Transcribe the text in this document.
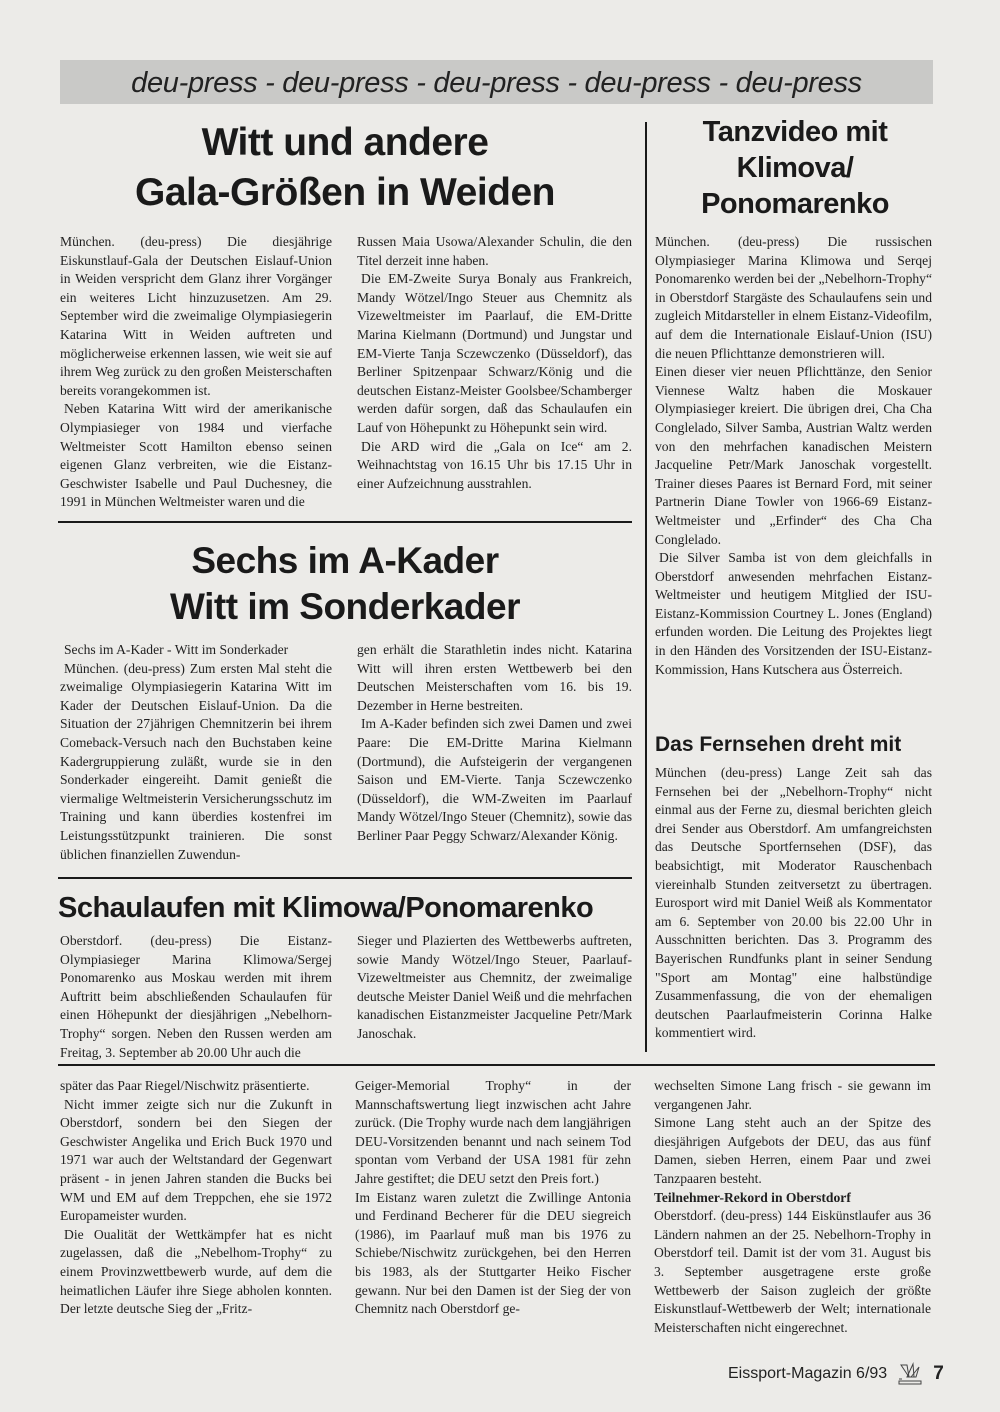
deu-press - deu-press - deu-press - deu-press - deu-press
Witt und andere
Gala-Größen in Weiden

München. (deu-press) Die diesjährige Eiskunstlauf-Gala der Deutschen Eislauf-Union in Weiden verspricht dem Glanz ihrer Vorgänger ein weiteres Licht hinzuzusetzen. Am 29. September wird die zweimalige Olympiasiegerin Katarina Witt in Weiden auftreten und möglicherweise erkennen lassen, wie weit sie auf ihrem Weg zurück zu den großen Meisterschaften bereits vorangekommen ist.

Neben Katarina Witt wird der amerikanische Olympiasieger von 1984 und vierfache Weltmeister Scott Hamilton ebenso seinen eigenen Glanz verbreiten, wie die Eistanz-Geschwister Isabelle und Paul Duchesney, die 1991 in München Weltmeister waren und die

Russen Maia Usowa/Alexander Schulin, die den Titel derzeit inne haben.

Die EM-Zweite Surya Bonaly aus Frankreich, Mandy Wötzel/Ingo Steuer aus Chemnitz als Vizeweltmeister im Paarlauf, die EM-Dritte Marina Kielmann (Dortmund) und Jungstar und EM-Vierte Tanja Sczewczenko (Düsseldorf), das Berliner Spitzenpaar Schwarz/König und die deutschen Eistanz-Meister Goolsbee/Schamberger werden dafür sorgen, daß das Schaulaufen ein Lauf von Höhepunkt zu Höhepunkt sein wird.

Die ARD wird die „Gala on Ice“ am 2. Weihnachtstag von 16.15 Uhr bis 17.15 Uhr in einer Aufzeichnung ausstrahlen.

Sechs im A-Kader
Witt im Sonderkader

Sechs im A-Kader - Witt im Sonderkader

München. (deu-press) Zum ersten Mal steht die zweimalige Olympiasiegerin Katarina Witt im Kader der Deutschen Eislauf-Union. Da die Situation der 27jährigen Chemnitzerin bei ihrem Comeback-Versuch nach den Buchstaben keine Kadergruppierung zuläßt, wurde sie in den Sonderkader eingereiht. Damit genießt die viermalige Weltmeisterin Versicherungsschutz im Training und kann überdies kostenfrei im Leistungsstützpunkt trainieren. Die sonst üblichen finanziellen Zuwendun-

gen erhält die Starathletin indes nicht. Katarina Witt will ihren ersten Wettbewerb bei den Deutschen Meisterschaften vom 16. bis 19. Dezember in Herne bestreiten.

Im A-Kader befinden sich zwei Damen und zwei Paare: Die EM-Dritte Marina Kielmann (Dortmund), die Aufsteigerin der vergangenen Saison und EM-Vierte. Tanja Sczewczenko (Düsseldorf), die WM-Zweiten im Paarlauf Mandy Wötzel/Ingo Steuer (Chemnitz), sowie das Berliner Paar Peggy Schwarz/Alexander König.

Schaulaufen mit Klimowa/Ponomarenko

Oberstdorf. (deu-press) Die Eistanz-Olympiasieger Marina Klimowa/Sergej Ponomarenko aus Moskau werden mit ihrem Auftritt beim abschließenden Schaulaufen für einen Höhepunkt der diesjährigen „Nebelhorn-Trophy“ sorgen. Neben den Russen werden am Freitag, 3. September ab 20.00 Uhr auch die

Sieger und Plazierten des Wettbewerbs auftreten, sowie Mandy Wötzel/Ingo Steuer, Paarlauf-Vizeweltmeister aus Chemnitz, der zweimalige deutsche Meister Daniel Weiß und die mehrfachen kanadischen Eistanzmeister Jacqueline Petr/Mark Janoschak.

Tanzvideo mit
Klimova/
Ponomarenko

München. (deu-press) Die russischen Olympiasieger Marina Klimowa und Serqej Ponomarenko werden bei der „Nebelhorn-Trophy“ in Oberstdorf Stargäste des Schaulaufens sein und zugleich Mitdarsteller in elnem Eistanz-Videofilm, auf dem die Internationale Eislauf-Union (ISU) die neuen Pflichttanze demonstrieren will.

Einen dieser vier neuen Pflichttänze, den Senior Viennese Waltz haben die Moskauer Olympiasieger kreiert. Die übrigen drei, Cha Cha Conglelado, Silver Samba, Austrian Waltz werden von den mehrfachen kanadischen Meistern Jacqueline Petr/Mark Janoschak vorgestellt. Trainer dieses Paares ist Bernard Ford, mit seiner Partnerin Diane Towler von 1966-69 Eistanz-Weltmeister und „Erfinder“ des Cha Cha Conglelado.

Die Silver Samba ist von dem gleichfalls in Oberstdorf anwesenden mehrfachen Eistanz-Weltmeister und heutigem Mitglied der ISU-Eistanz-Kommission Courtney L. Jones (England) erfunden worden. Die Leitung des Projektes liegt in den Händen des Vorsitzenden der ISU-Eistanz-Kommission, Hans Kutschera aus Österreich.

Das Fernsehen dreht mit

München (deu-press) Lange Zeit sah das Fernsehen bei der „Nebelhorn-Trophy“ nicht einmal aus der Ferne zu, diesmal berichten gleich drei Sender aus Oberstdorf. Am umfangreichsten das Deutsche Sportfernsehen (DSF), das beabsichtigt, mit Moderator Rauschenbach viereinhalb Stunden zeitversetzt zu übertragen. Eurosport wird mit Daniel Weiß als Kommentator am 6. September von 20.00 bis 22.00 Uhr in Ausschnitten berichten. Das 3. Programm des Bayerischen Rundfunks plant in seiner Sendung "Sport am Montag" eine halbstündige Zusammenfassung, die von der ehemaligen deutschen Paarlaufmeisterin Corinna Halke kommentiert wird.

später das Paar Riegel/Nischwitz präsentierte.

Nicht immer zeigte sich nur die Zukunft in Oberstdorf, sondern bei den Siegen der Geschwister Angelika und Erich Buck 1970 und 1971 war auch der Weltstandard der Gegenwart präsent - in jenen Jahren standen die Bucks bei WM und EM auf dem Treppchen, ehe sie 1972 Europameister wurden.

Die Oualität der Wettkämpfer hat es nicht zugelassen, daß die „Nebelhom-Trophy“ zu einem Provinzwettbewerb wurde, auf dem die heimatlichen Läufer ihre Siege abholen konnten. Der letzte deutsche Sieg der „Fritz-

Geiger-Memorial Trophy“ in der Mannschaftswertung liegt inzwischen acht Jahre zurück. (Die Trophy wurde nach dem langjährigen DEU-Vorsitzenden benannt und nach seinem Tod spontan vom Verband der USA 1981 für zehn Jahre gestiftet; die DEU setzt den Preis fort.)

Im Eistanz waren zuletzt die Zwillinge Antonia und Ferdinand Becherer für die DEU siegreich (1986), im Paarlauf muß man bis 1976 zu Schiebe/Nischwitz zurückgehen, bei den Herren bis 1983, als der Stuttgarter Heiko Fischer gewann. Nur bei den Damen ist der Sieg der von Chemnitz nach Oberstdorf ge-

wechselten Simone Lang frisch - sie gewann im vergangenen Jahr.

Simone Lang steht auch an der Spitze des diesjährigen Aufgebots der DEU, das aus fünf Damen, sieben Herren, einem Paar und zwei Tanzpaaren besteht.

Teilnehmer-Rekord in Oberstdorf

Oberstdorf. (deu-press) 144 Eiskünstlaufer aus 36 Ländern nahmen an der 25. Nebelhorn-Trophy in Oberstdorf teil. Damit ist der vom 31. August bis 3. September ausgetragene erste große Wettbewerb der Saison zugleich der größte Eiskunstlauf-Wettbewerb der Welt; internationale Meisterschaften nicht eingerechnet.

Eissport-Magazin 6/93 7
